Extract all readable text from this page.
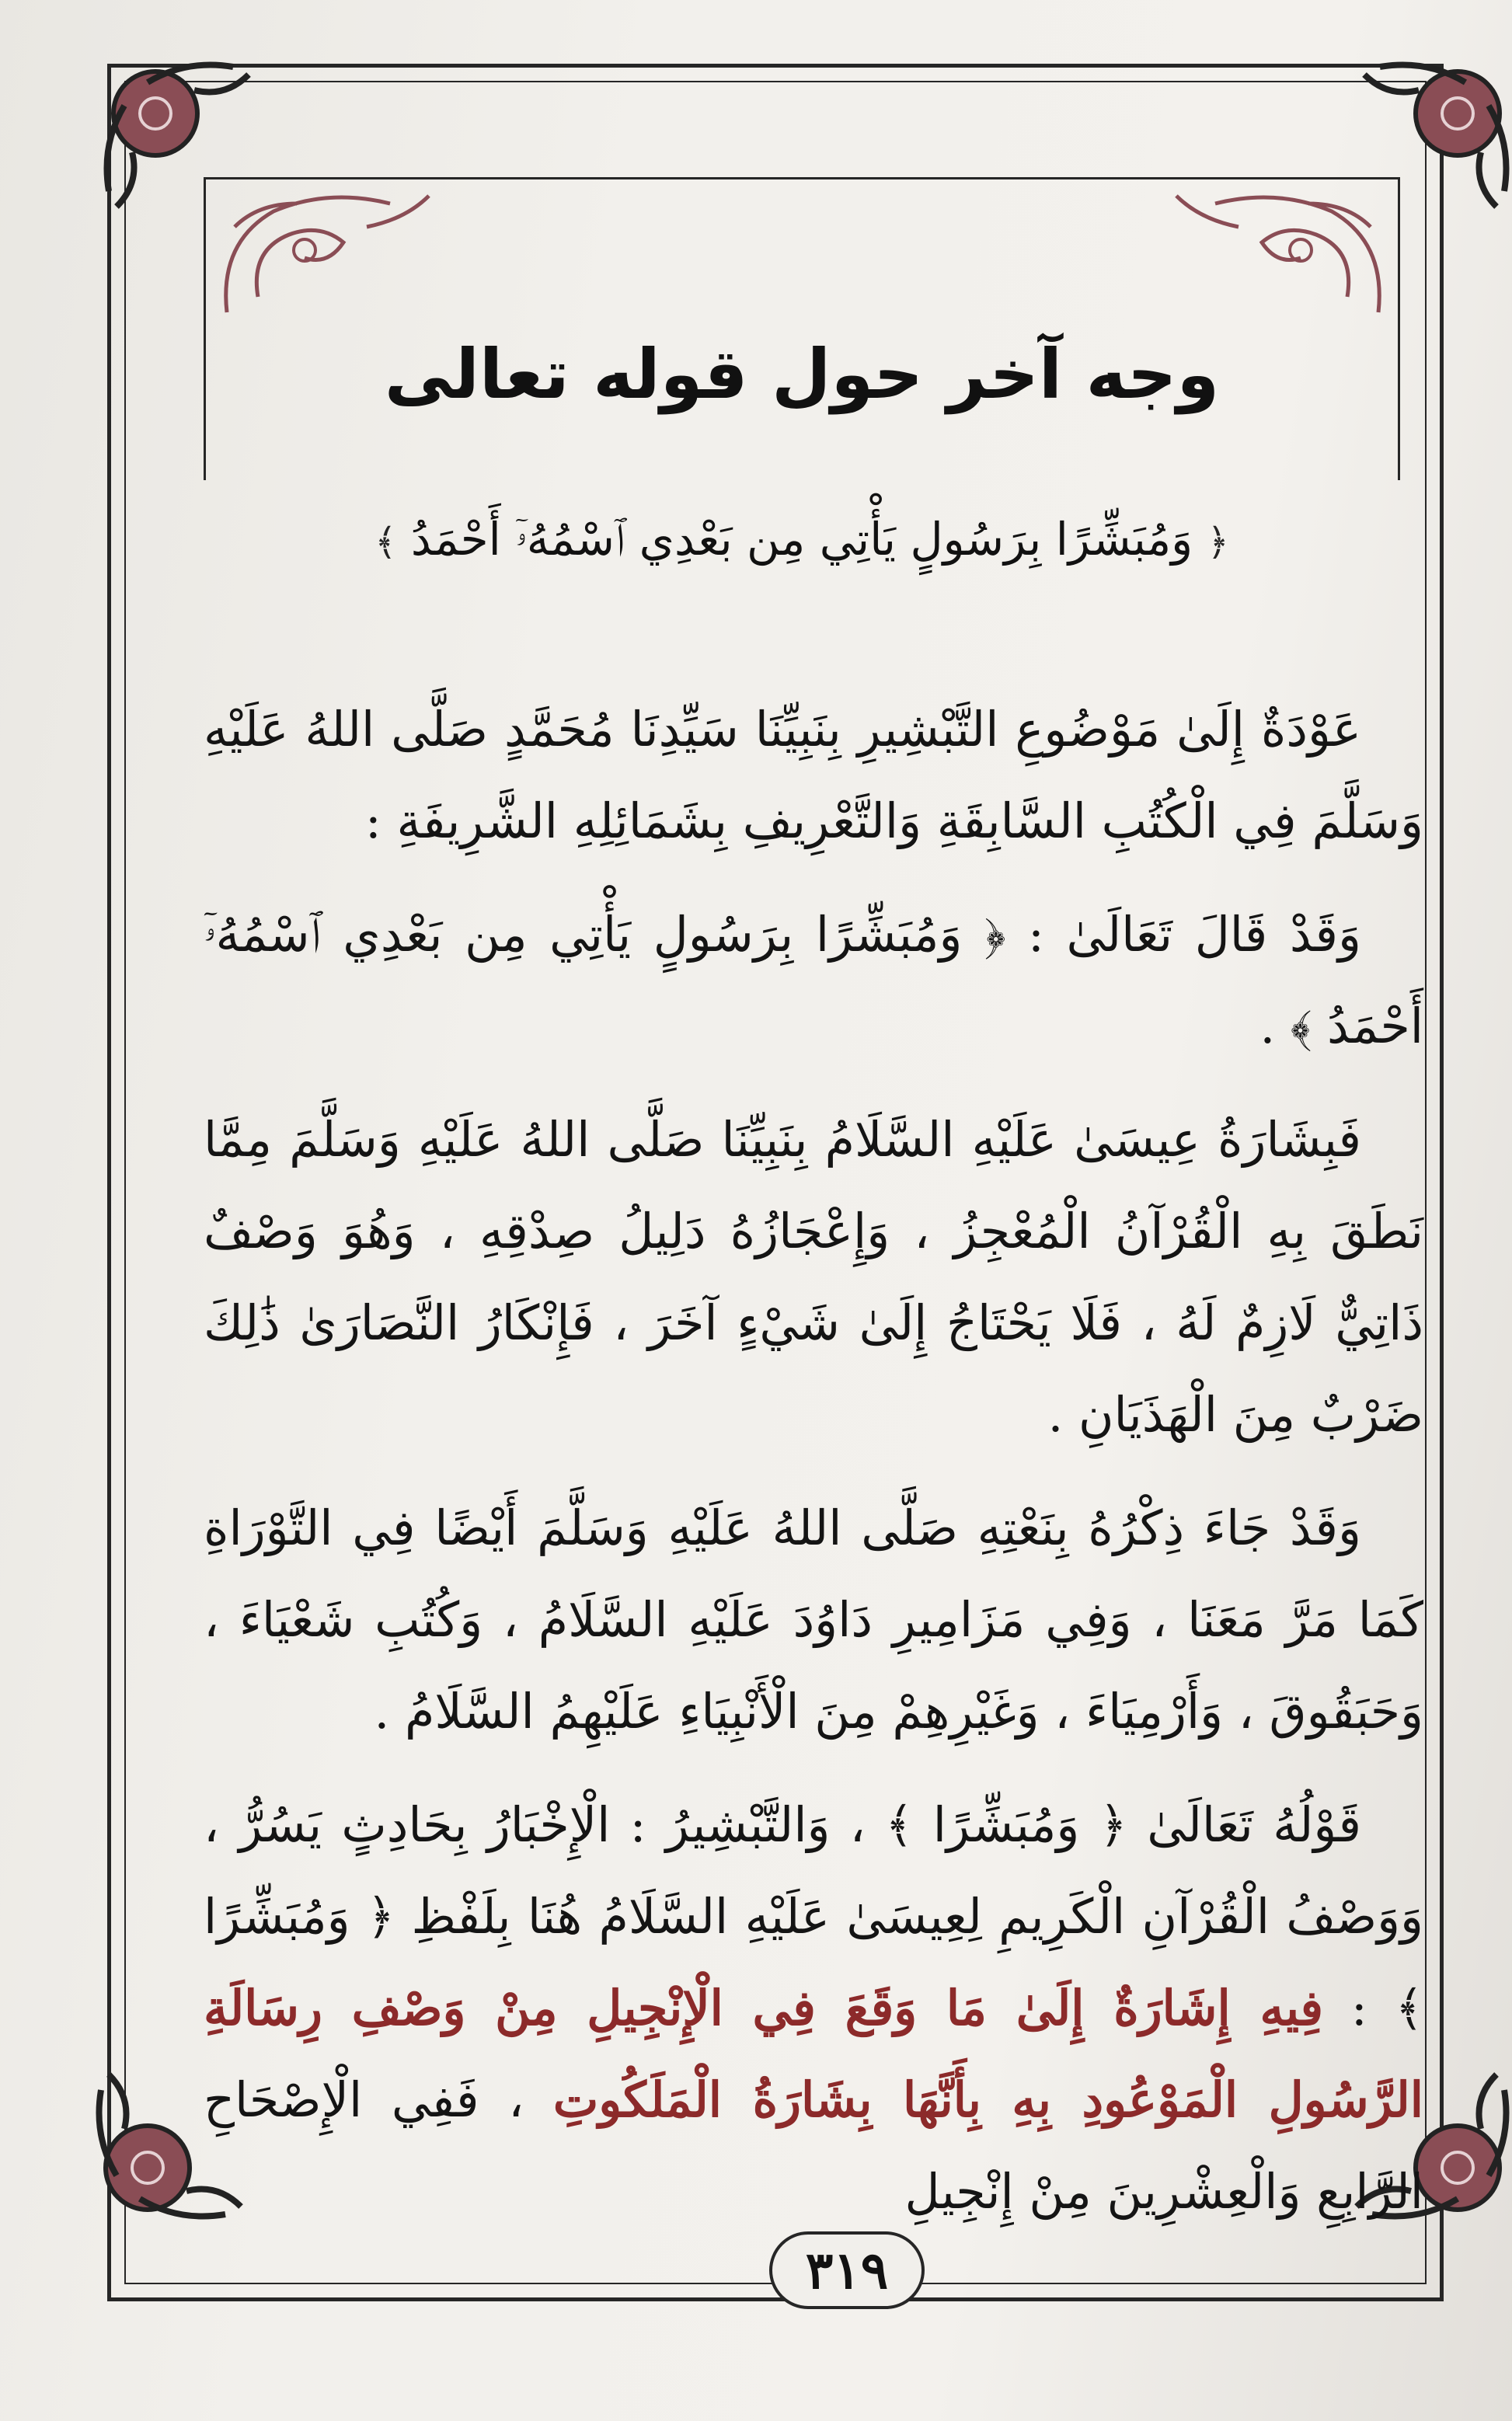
وجه آخر حول قوله تعالى
﴿ وَمُبَشِّرًا بِرَسُولٍ يَأْتِي مِن بَعْدِي ٱسْمُهُۥٓ أَحْمَدُ ﴾

عَوْدَةٌ إِلَىٰ مَوْضُوعِ التَّبْشِيرِ بِنَبِيِّنَا سَيِّدِنَا مُحَمَّدٍ صَلَّى اللهُ عَلَيْهِ وَسَلَّمَ فِي الْكُتُبِ السَّابِقَةِ وَالتَّعْرِيفِ بِشَمَائِلِهِ الشَّرِيفَةِ :

وَقَدْ قَالَ تَعَالَىٰ : ﴿ وَمُبَشِّرًا بِرَسُولٍ يَأْتِي مِن بَعْدِي ٱسْمُهُۥٓ أَحْمَدُ ﴾ .

فَبِشَارَةُ عِيسَىٰ عَلَيْهِ السَّلَامُ بِنَبِيِّنَا صَلَّى اللهُ عَلَيْهِ وَسَلَّمَ مِمَّا نَطَقَ بِهِ الْقُرْآنُ الْمُعْجِزُ ، وَإِعْجَازُهُ دَلِيلُ صِدْقِهِ ، وَهُوَ وَصْفٌ ذَاتِيٌّ لَازِمٌ لَهُ ، فَلَا يَحْتَاجُ إِلَىٰ شَيْءٍ آخَرَ ، فَإِنْكَارُ النَّصَارَىٰ ذَٰلِكَ ضَرْبٌ مِنَ الْهَذَيَانِ .

وَقَدْ جَاءَ ذِكْرُهُ بِنَعْتِهِ صَلَّى اللهُ عَلَيْهِ وَسَلَّمَ أَيْضًا فِي التَّوْرَاةِ كَمَا مَرَّ مَعَنَا ، وَفِي مَزَامِيرِ دَاوُدَ عَلَيْهِ السَّلَامُ ، وَكُتُبِ شَعْيَاءَ ، وَحَبَقُوقَ ، وَأَرْمِيَاءَ ، وَغَيْرِهِمْ مِنَ الْأَنْبِيَاءِ عَلَيْهِمُ السَّلَامُ .

قَوْلُهُ تَعَالَىٰ ﴿ وَمُبَشِّرًا ﴾ ، وَالتَّبْشِيرُ : الْإِخْبَارُ بِحَادِثٍ يَسُرُّ ، وَوَصْفُ الْقُرْآنِ الْكَرِيمِ لِعِيسَىٰ عَلَيْهِ السَّلَامُ هُنَا بِلَفْظِ ﴿ وَمُبَشِّرًا ﴾ : فِيهِ إِشَارَةٌ إِلَىٰ مَا وَقَعَ فِي الْإِنْجِيلِ مِنْ وَصْفِ رِسَالَةِ الرَّسُولِ الْمَوْعُودِ بِهِ بِأَنَّهَا بِشَارَةُ الْمَلَكُوتِ ، فَفِي الْإِصْحَاحِ الرَّابِعِ وَالْعِشْرِينَ مِنْ إِنْجِيلِ

٣١٩
